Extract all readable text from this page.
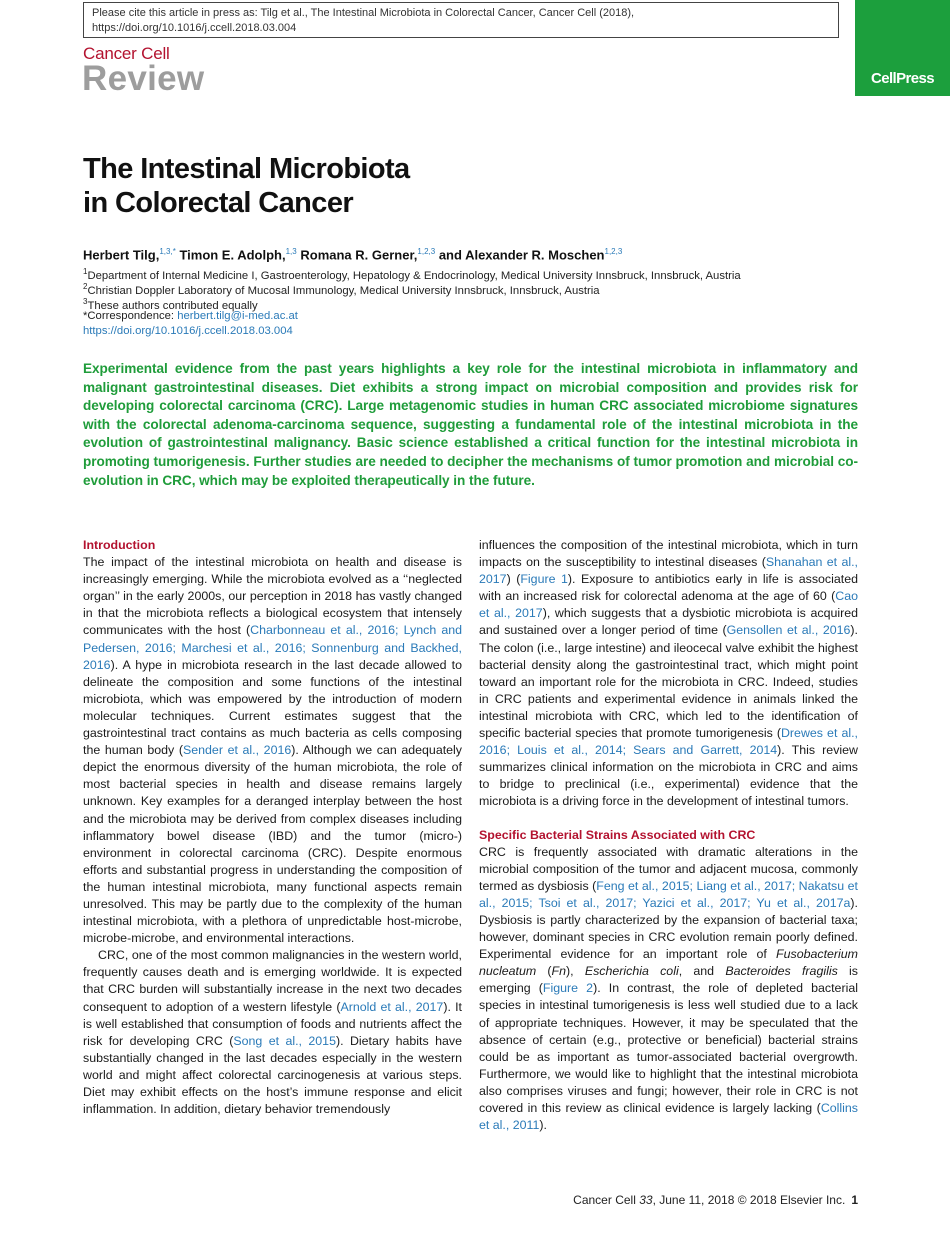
Please cite this article in press as: Tilg et al., The Intestinal Microbiota in Colorectal Cancer, Cancer Cell (2018), https://doi.org/10.1016/j.ccell.2018.03.004
Cancer Cell
Review	CellPress
The Intestinal Microbiota
in Colorectal Cancer
Herbert Tilg,$^{1,3,*}$ Timon E. Adolph,$^{1,3}$ Romana R. Gerner,$^{1,2,3}$ and Alexander R. Moschen$^{1,2,3}$
$^1$Department of Internal Medicine I, Gastroenterology, Hepatology & Endocrinology, Medical University Innsbruck, Innsbruck, Austria
$^2$Christian Doppler Laboratory of Mucosal Immunology, Medical University Innsbruck, Innsbruck, Austria
$^3$These authors contributed equally
*Correspondence: herbert.tilg@i-med.ac.at
https://doi.org/10.1016/j.ccell.2018.03.004
Experimental evidence from the past years highlights a key role for the intestinal microbiota in inflammatory and malignant gastrointestinal diseases. Diet exhibits a strong impact on microbial composition and provides risk for developing colorectal carcinoma (CRC). Large metagenomic studies in human CRC associated microbiome signatures with the colorectal adenoma-carcinoma sequence, suggesting a fundamental role of the intestinal microbiota in the evolution of gastrointestinal malignancy. Basic science established a critical function for the intestinal microbiota in promoting tumorigenesis. Further studies are needed to decipher the mechanisms of tumor promotion and microbial co-evolution in CRC, which may be exploited therapeutically in the future.
Introduction

The impact of the intestinal microbiota on health and disease is increasingly emerging. While the microbiota evolved as a ‘‘neglected organ’’ in the early 2000s, our perception in 2018 has vastly changed in that the microbiota reflects a biological ecosystem that intensely communicates with the host (Charbonneau et al., 2016; Lynch and Pedersen, 2016; Marchesi et al., 2016; Sonnenburg and Backhed, 2016). A hype in microbiota research in the last decade allowed to delineate the composition and some functions of the intestinal microbiota, which was empowered by the introduction of modern molecular techniques. Current estimates suggest that the gastrointestinal tract contains as much bacteria as cells composing the human body (Sender et al., 2016). Although we can adequately depict the enormous diversity of the human microbiota, the role of most bacterial species in health and disease remains largely unknown. Key examples for a deranged interplay between the host and the microbiota may be derived from complex diseases including inflammatory bowel disease (IBD) and the tumor (micro-) environment in colorectal carcinoma (CRC). Despite enormous efforts and substantial progress in understanding the composition of the human intestinal microbiota, many functional aspects remain unresolved. This may be partly due to the complexity of the human intestinal microbiota, with a plethora of unpredictable host-microbe, microbe-microbe, and environmental interactions.

CRC, one of the most common malignancies in the western world, frequently causes death and is emerging worldwide. It is expected that CRC burden will substantially increase in the next two decades consequent to adoption of a western lifestyle (Arnold et al., 2017). It is well established that consumption of foods and nutrients affect the risk for developing CRC (Song et al., 2015). Dietary habits have substantially changed in the last decades especially in the western world and might affect colorectal carcinogenesis at various steps. Diet may exhibit effects on the host’s immune response and elicit inflammation. In addition, dietary behavior tremendously

influences the composition of the intestinal microbiota, which in turn impacts on the susceptibility to intestinal diseases (Shanahan et al., 2017) (Figure 1). Exposure to antibiotics early in life is associated with an increased risk for colorectal adenoma at the age of 60 (Cao et al., 2017), which suggests that a dysbiotic microbiota is acquired and sustained over a longer period of time (Gensollen et al., 2016). The colon (i.e., large intestine) and ileocecal valve exhibit the highest bacterial density along the gastrointestinal tract, which might point toward an important role for the microbiota in CRC. Indeed, studies in CRC patients and experimental evidence in animals linked the intestinal microbiota with CRC, which led to the identification of specific bacterial species that promote tumorigenesis (Drewes et al., 2016; Louis et al., 2014; Sears and Garrett, 2014). This review summarizes clinical information on the microbiota in CRC and aims to bridge to preclinical (i.e., experimental) evidence that the microbiota is a driving force in the development of intestinal tumors.

Specific Bacterial Strains Associated with CRC

CRC is frequently associated with dramatic alterations in the microbial composition of the tumor and adjacent mucosa, commonly termed as dysbiosis (Feng et al., 2015; Liang et al., 2017; Nakatsu et al., 2015; Tsoi et al., 2017; Yazici et al., 2017; Yu et al., 2017a). Dysbiosis is partly characterized by the expansion of bacterial taxa; however, dominant species in CRC evolution remain poorly defined. Experimental evidence for an important role of Fusobacterium nucleatum (Fn), Escherichia coli, and Bacteroides fragilis is emerging (Figure 2). In contrast, the role of depleted bacterial species in intestinal tumorigenesis is less well studied due to a lack of appropriate techniques. However, it may be speculated that the absence of certain (e.g., protective or beneficial) bacterial strains could be as important as tumor-associated bacterial overgrowth. Furthermore, we would like to highlight that the intestinal microbiota also comprises viruses and fungi; however, their role in CRC is not covered in this review as clinical evidence is largely lacking (Collins et al., 2011).

Cancer Cell 33, June 11, 2018 © 2018 Elsevier Inc. 1
